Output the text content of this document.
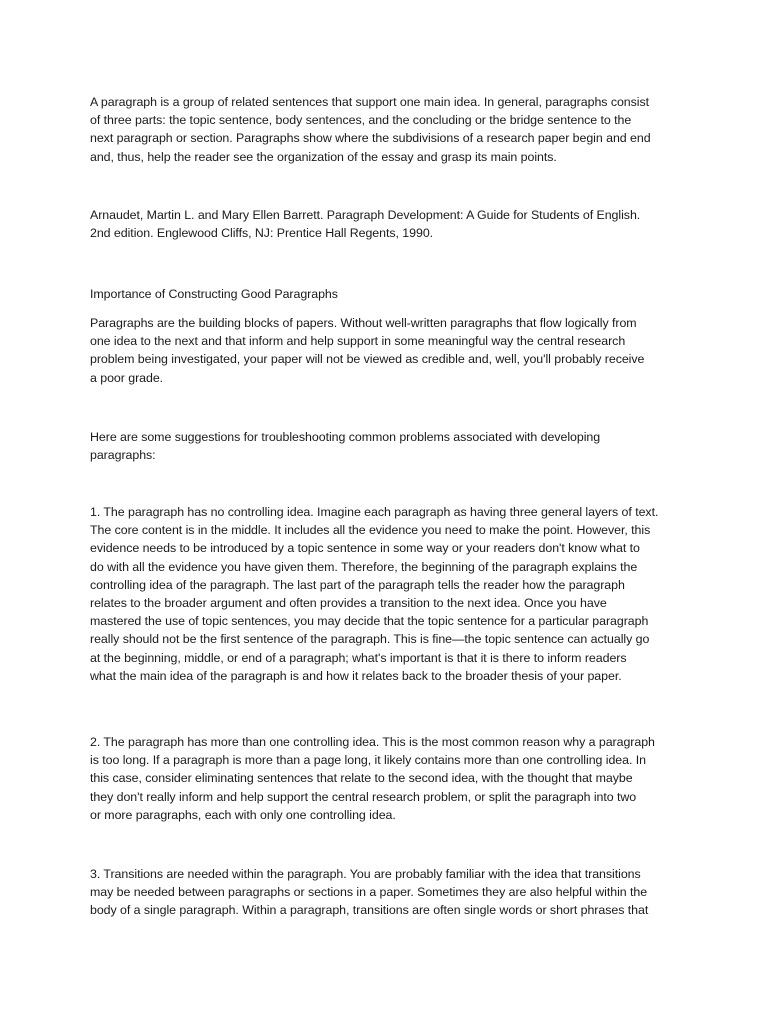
A paragraph is a group of related sentences that support one main idea. In general, paragraphs consist
of three parts: the topic sentence, body sentences, and the concluding or the bridge sentence to the
next paragraph or section. Paragraphs show where the subdivisions of a research paper begin and end
and, thus, help the reader see the organization of the essay and grasp its main points.

Arnaudet, Martin L. and Mary Ellen Barrett. Paragraph Development: A Guide for Students of English.
2nd edition. Englewood Cliffs, NJ: Prentice Hall Regents, 1990.

Importance of Constructing Good Paragraphs

Paragraphs are the building blocks of papers. Without well-written paragraphs that flow logically from
one idea to the next and that inform and help support in some meaningful way the central research
problem being investigated, your paper will not be viewed as credible and, well, you'll probably receive
a poor grade.

Here are some suggestions for troubleshooting common problems associated with developing
paragraphs:

1. The paragraph has no controlling idea. Imagine each paragraph as having three general layers of text.
The core content is in the middle. It includes all the evidence you need to make the point. However, this
evidence needs to be introduced by a topic sentence in some way or your readers don't know what to
do with all the evidence you have given them. Therefore, the beginning of the paragraph explains the
controlling idea of the paragraph. The last part of the paragraph tells the reader how the paragraph
relates to the broader argument and often provides a transition to the next idea. Once you have
mastered the use of topic sentences, you may decide that the topic sentence for a particular paragraph
really should not be the first sentence of the paragraph. This is fine—the topic sentence can actually go
at the beginning, middle, or end of a paragraph; what's important is that it is there to inform readers
what the main idea of the paragraph is and how it relates back to the broader thesis of your paper.

2. The paragraph has more than one controlling idea. This is the most common reason why a paragraph
is too long. If a paragraph is more than a page long, it likely contains more than one controlling idea. In
this case, consider eliminating sentences that relate to the second idea, with the thought that maybe
they don't really inform and help support the central research problem, or split the paragraph into two
or more paragraphs, each with only one controlling idea.

3. Transitions are needed within the paragraph. You are probably familiar with the idea that transitions
may be needed between paragraphs or sections in a paper. Sometimes they are also helpful within the
body of a single paragraph. Within a paragraph, transitions are often single words or short phrases that
